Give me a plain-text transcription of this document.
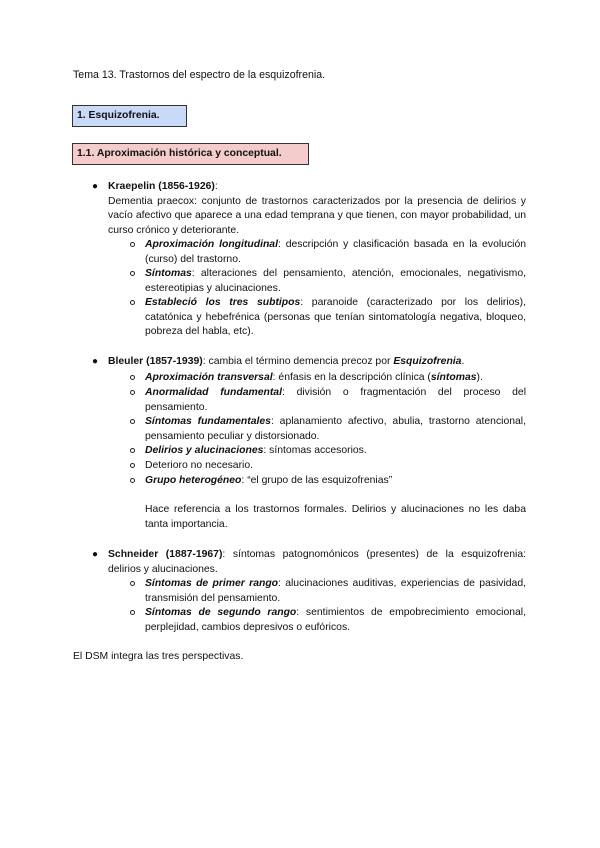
Tema 13. Trastornos del espectro de la esquizofrenia.
1. Esquizofrenia.
1.1. Aproximación histórica y conceptual.
● Kraepelin (1856-1926):
Dementia praecox: conjunto de trastornos caracterizados por la presencia de delirios y vacío afectivo que aparece a una edad temprana y que tienen, con mayor probabilidad, un curso crónico y deteriorante.
Aproximación longitudinal: descripción y clasificación basada en la evolución (curso) del trastorno.
Síntomas: alteraciones del pensamiento, atención, emocionales, negativismo, estereotipias y alucinaciones.
Estableció los tres subtipos: paranoide (caracterizado por los delirios), catatónica y hebefrénica (personas que tenían sintomatología negativa, bloqueo, pobreza del habla, etc).
● Bleuler (1857-1939): cambia el término demencia precoz por Esquizofrenia.
Aproximación transversal: énfasis en la descripción clínica (síntomas).
Anormalidad fundamental: división o fragmentación del proceso del pensamiento.
Síntomas fundamentales: aplanamiento afectivo, abulia, trastorno atencional, pensamiento peculiar y distorsionado.
Delirios y alucinaciones: síntomas accesorios.
Deterioro no necesario.
Grupo heterogéneo: “el grupo de las esquizofrenias”
Hace referencia a los trastornos formales. Delirios y alucinaciones no les daba tanta importancia.
● Schneider (1887-1967): síntomas patognomónicos (presentes) de la esquizofrenia: delirios y alucinaciones.
Síntomas de primer rango: alucinaciones auditivas, experiencias de pasividad, transmisión del pensamiento.
Síntomas de segundo rango: sentimientos de empobrecimiento emocional, perplejidad, cambios depresivos o eufóricos.
El DSM integra las tres perspectivas.
